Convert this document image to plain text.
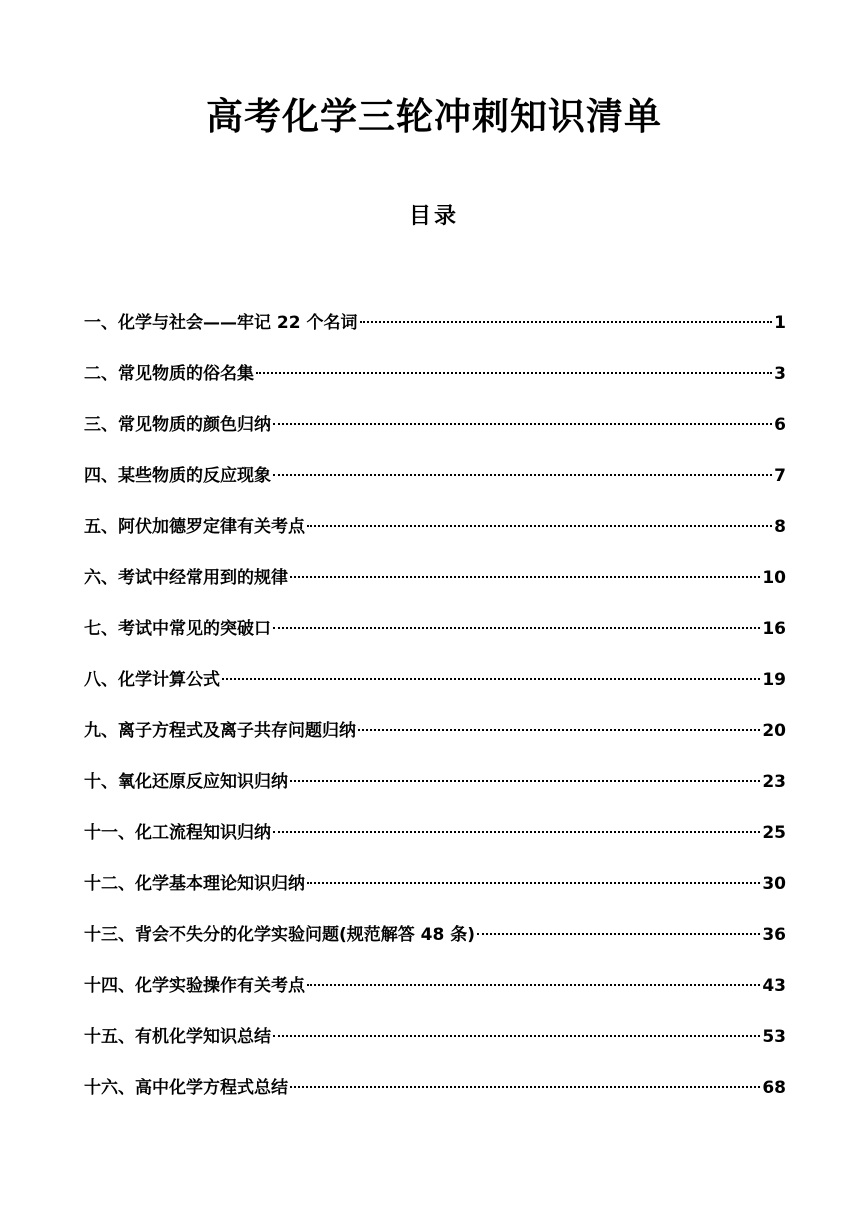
高考化学三轮冲刺知识清单
目录
一、化学与社会——牢记 22 个名词	1
二、常见物质的俗名集	3
三、常见物质的颜色归纳	6
四、某些物质的反应现象	7
五、阿伏加德罗定律有关考点	8
六、考试中经常用到的规律	10
七、考试中常见的突破口	16
八、化学计算公式	19
九、离子方程式及离子共存问题归纳	20
十、氧化还原反应知识归纳	23
十一、化工流程知识归纳	25
十二、化学基本理论知识归纳	30
十三、背会不失分的化学实验问题(规范解答 48 条)	36
十四、化学实验操作有关考点	43
十五、有机化学知识总结	53
十六、高中化学方程式总结	68
